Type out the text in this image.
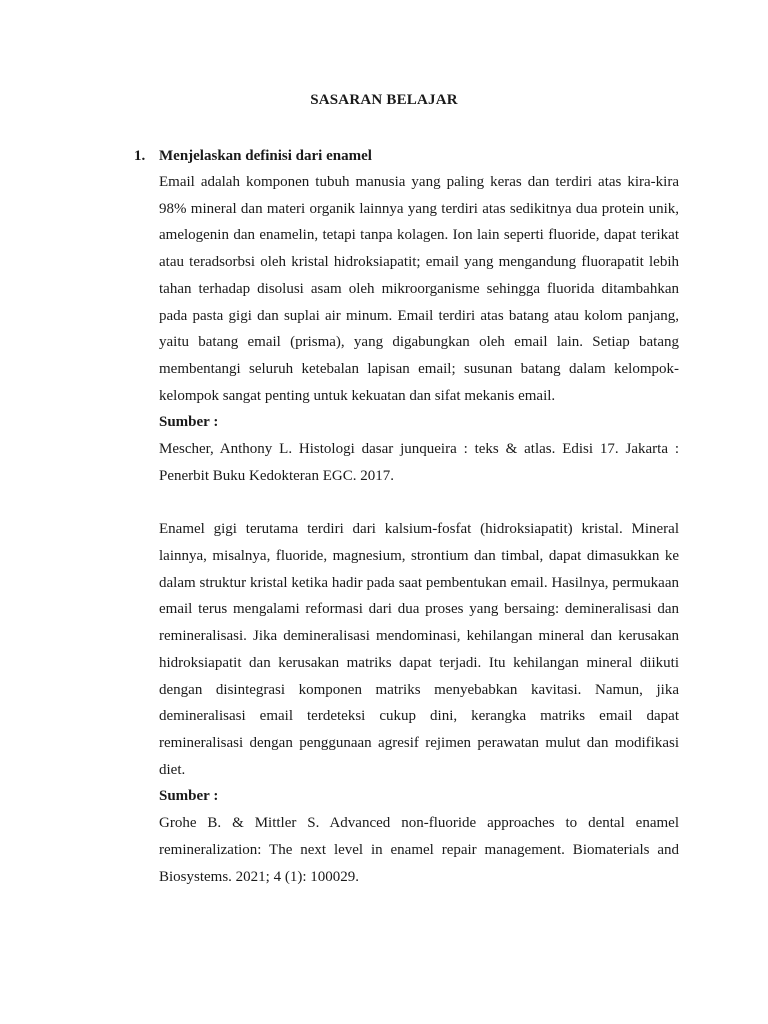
SASARAN BELAJAR
1. Menjelaskan definisi dari enamel

Email adalah komponen tubuh manusia yang paling keras dan terdiri atas kira-kira 98% mineral dan materi organik lainnya yang terdiri atas sedikitnya dua protein unik, amelogenin dan enamelin, tetapi tanpa kolagen. Ion lain seperti fluoride, dapat terikat atau teradsorbsi oleh kristal hidroksiapatit; email yang mengandung fluorapatit lebih tahan terhadap disolusi asam oleh mikroorganisme sehingga fluorida ditambahkan pada pasta gigi dan suplai air minum. Email terdiri atas batang atau kolom panjang, yaitu batang email (prisma), yang digabungkan oleh email lain. Setiap batang membentangi seluruh ketebalan lapisan email; susunan batang dalam kelompok-kelompok sangat penting untuk kekuatan dan sifat mekanis email.

Sumber :

Mescher, Anthony L. Histologi dasar junqueira : teks & atlas. Edisi 17. Jakarta : Penerbit Buku Kedokteran EGC. 2017.

Enamel gigi terutama terdiri dari kalsium-fosfat (hidroksiapatit) kristal. Mineral lainnya, misalnya, fluoride, magnesium, strontium dan timbal, dapat dimasukkan ke dalam struktur kristal ketika hadir pada saat pembentukan email. Hasilnya, permukaan email terus mengalami reformasi dari dua proses yang bersaing: demineralisasi dan remineralisasi. Jika demineralisasi mendominasi, kehilangan mineral dan kerusakan hidroksiapatit dan kerusakan matriks dapat terjadi. Itu kehilangan mineral diikuti dengan disintegrasi komponen matriks menyebabkan kavitasi. Namun, jika demineralisasi email terdeteksi cukup dini, kerangka matriks email dapat remineralisasi dengan penggunaan agresif rejimen perawatan mulut dan modifikasi diet.

Sumber :

Grohe B. & Mittler S. Advanced non-fluoride approaches to dental enamel remineralization: The next level in enamel repair management. Biomaterials and Biosystems. 2021; 4 (1): 100029.
